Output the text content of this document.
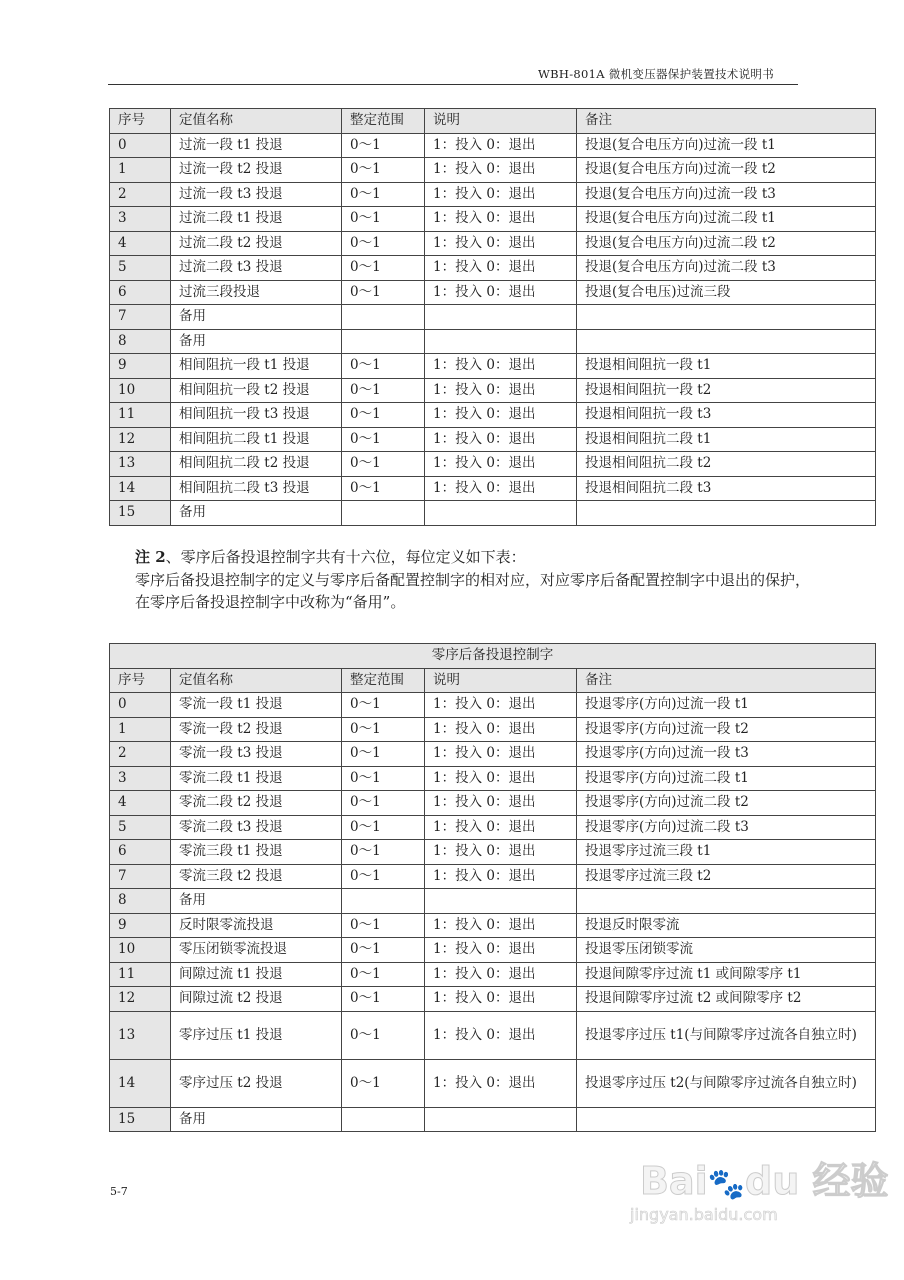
WBH-801A 微机变压器保护装置技术说明书
序号	定值名称	整定范围	说明	备注
0	过流一段 t1 投退	0～1	1：投入 0：退出	投退(复合电压方向)过流一段 t1
1	过流一段 t2 投退	0～1	1：投入 0：退出	投退(复合电压方向)过流一段 t2
2	过流一段 t3 投退	0～1	1：投入 0：退出	投退(复合电压方向)过流一段 t3
3	过流二段 t1 投退	0～1	1：投入 0：退出	投退(复合电压方向)过流二段 t1
4	过流二段 t2 投退	0～1	1：投入 0：退出	投退(复合电压方向)过流二段 t2
5	过流二段 t3 投退	0～1	1：投入 0：退出	投退(复合电压方向)过流二段 t3
6	过流三段投退	0～1	1：投入 0：退出	投退(复合电压)过流三段
7	备用			
8	备用			
9	相间阻抗一段 t1 投退	0～1	1：投入 0：退出	投退相间阻抗一段 t1
10	相间阻抗一段 t2 投退	0～1	1：投入 0：退出	投退相间阻抗一段 t2
11	相间阻抗一段 t3 投退	0～1	1：投入 0：退出	投退相间阻抗一段 t3
12	相间阻抗二段 t1 投退	0～1	1：投入 0：退出	投退相间阻抗二段 t1
13	相间阻抗二段 t2 投退	0～1	1：投入 0：退出	投退相间阻抗二段 t2
14	相间阻抗二段 t3 投退	0～1	1：投入 0：退出	投退相间阻抗二段 t3
15	备用			
注 2、零序后备投退控制字共有十六位，每位定义如下表：
零序后备投退控制字的定义与零序后备配置控制字的相对应，对应零序后备配置控制字中退出的保护，在零序后备投退控制字中改称为“备用”。
零序后备投退控制字				
序号	定值名称	整定范围	说明	备注
0	零流一段 t1 投退	0～1	1：投入 0：退出	投退零序(方向)过流一段 t1
1	零流一段 t2 投退	0～1	1：投入 0：退出	投退零序(方向)过流一段 t2
2	零流一段 t3 投退	0～1	1：投入 0：退出	投退零序(方向)过流一段 t3
3	零流二段 t1 投退	0～1	1：投入 0：退出	投退零序(方向)过流二段 t1
4	零流二段 t2 投退	0～1	1：投入 0：退出	投退零序(方向)过流二段 t2
5	零流二段 t3 投退	0～1	1：投入 0：退出	投退零序(方向)过流二段 t3
6	零流三段 t1 投退	0～1	1：投入 0：退出	投退零序过流三段 t1
7	零流三段 t2 投退	0～1	1：投入 0：退出	投退零序过流三段 t2
8	备用			
9	反时限零流投退	0～1	1：投入 0：退出	投退反时限零流
10	零压闭锁零流投退	0～1	1：投入 0：退出	投退零压闭锁零流
11	间隙过流 t1 投退	0～1	1：投入 0：退出	投退间隙零序过流 t1 或间隙零序 t1
12	间隙过流 t2 投退	0～1	1：投入 0：退出	投退间隙零序过流 t2 或间隙零序 t2
13	零序过压 t1 投退	0～1	1：投入 0：退出	投退零序过压 t1(与间隙零序过流各自独立时)
14	零序过压 t2 投退	0～1	1：投入 0：退出	投退零序过压 t2(与间隙零序过流各自独立时)
15	备用			
5-7	Bai🐾du 经验
jingyan.baidu.com
